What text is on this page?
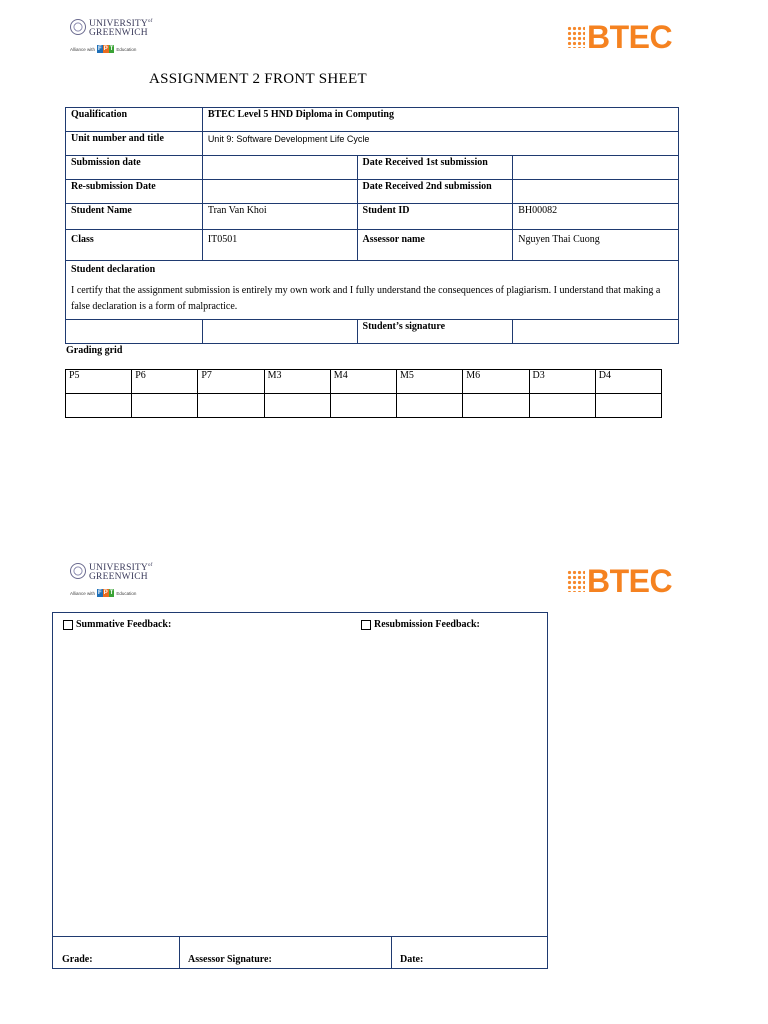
$UNIVERSITY^{of}$
GREENWICH
Alliance with F P T Education	BTEC
ASSIGNMENT 2 FRONT SHEET
Qualification	BTEC Level 5 HND Diploma in Computing		
Unit number and title	Unit 9: Software Development Life Cycle		
Submission date		Date Received 1st submission	
Re-submission Date		Date Received 2nd submission	
Student Name	Tran Van Khoi	Student ID	BH00082
Class	IT0501	Assessor name	Nguyen Thai Cuong

Student declaration
I certify that the assignment submission is entirely my own work and I fully understand the consequences of plagiarism. I understand that making a false declaration is a form of malpractice.			

		Student’s signature	
Grading grid
P5	P6	P7	M3	M4	M5	M6	D3	D4

$UNIVERSITY^{of}$
GREENWICH
Alliance with F P T Education	BTEC
Summative Feedback:	Resubmission Feedback:
Grade:	Assessor Signature:	Date:
